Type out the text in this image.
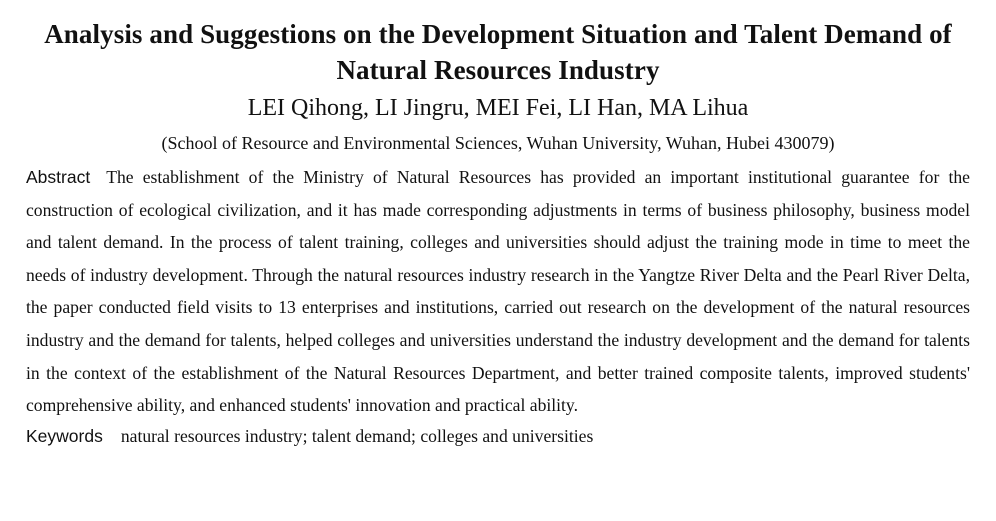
Analysis and Suggestions on the Development Situation and Talent Demand of Natural Resources Industry

LEI Qihong, LI Jingru, MEI Fei, LI Han, MA Lihua

(School of Resource and Environmental Sciences, Wuhan University, Wuhan, Hubei 430079)

Abstract The establishment of the Ministry of Natural Resources has provided an important institutional guarantee for the construction of ecological civilization, and it has made corresponding adjustments in terms of business philosophy, business model and talent demand. In the process of talent training, colleges and universities should adjust the training mode in time to meet the needs of industry development. Through the natural resources industry research in the Yangtze River Delta and the Pearl River Delta, the paper conducted field visits to 13 enterprises and institutions, carried out research on the development of the natural resources industry and the demand for talents, helped colleges and universities understand the industry development and the demand for talents in the context of the establishment of the Natural Resources Department, and better trained composite talents, improved students' comprehensive ability, and enhanced students' innovation and practical ability.

Keywords natural resources industry; talent demand; colleges and universities
